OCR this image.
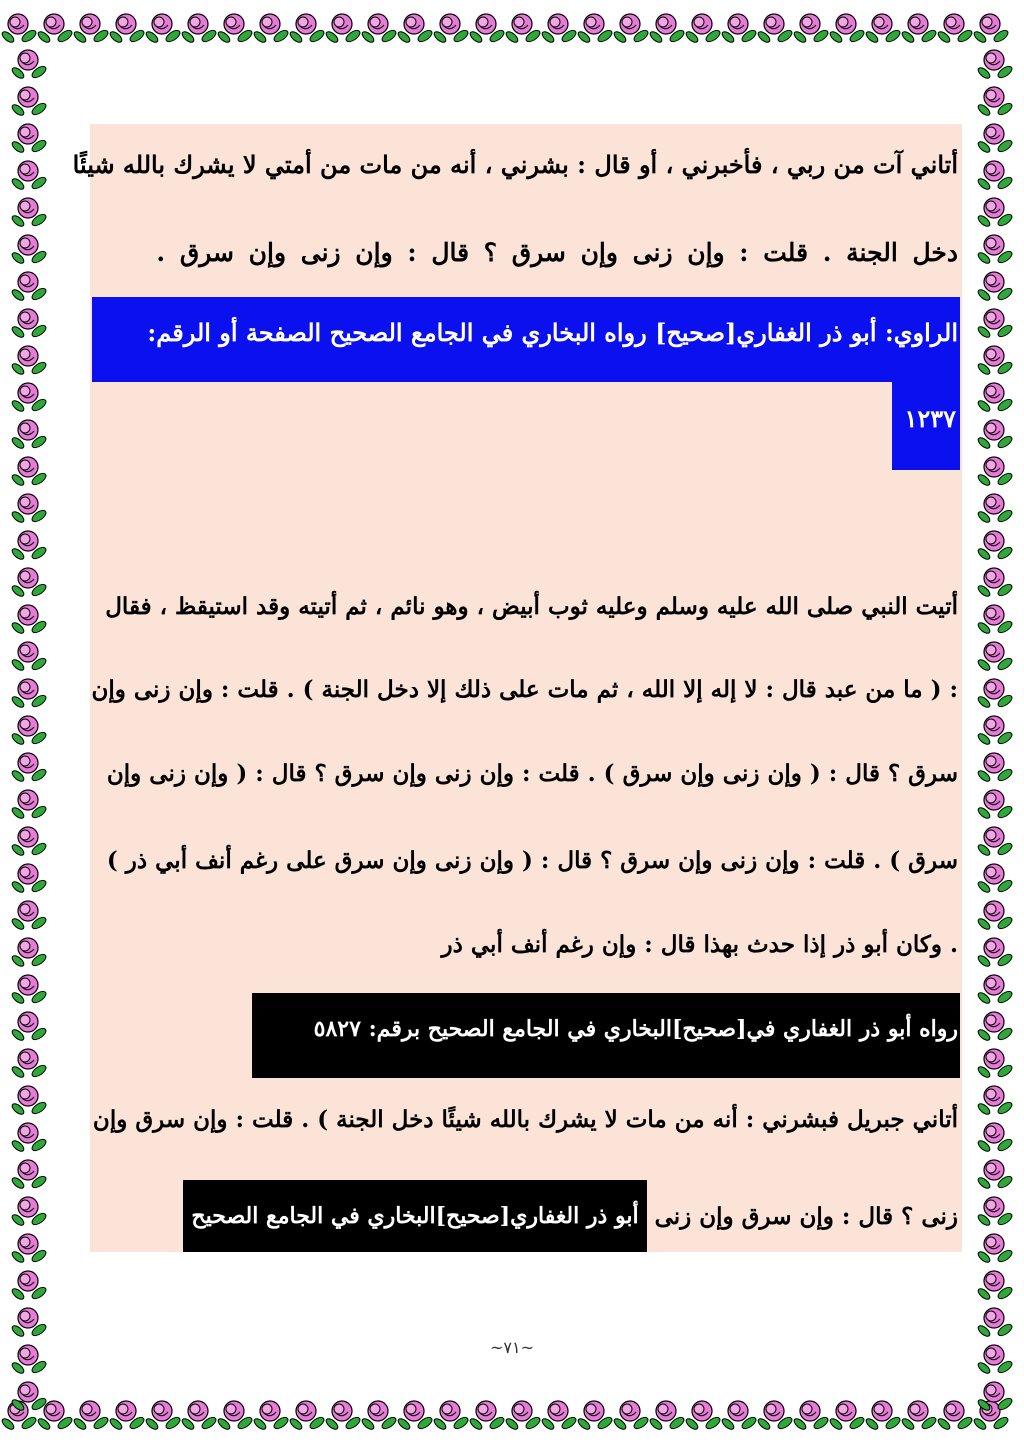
أتاني آت من ربي ، فأخبرني ، أو قال : بشرني ، أنه من مات من أمتي لا يشرك بالله شيئًا
دخل الجنة . قلت : وإن زنى وإن سرق ؟ قال : وإن زنى وإن سرق .
الراوي: أبو ذر الغفاري[صحيح] رواه البخاري في الجامع الصحيح الصفحة أو الرقم:
١٢٣٧
أتيت النبي صلى الله عليه وسلم وعليه ثوب أبيض ، وهو نائم ، ثم أتيته وقد استيقظ ، فقال
: ( ما من عبد قال : لا إله إلا الله ، ثم مات على ذلك إلا دخل الجنة ) . قلت : وإن زنى وإن
سرق ؟ قال : ( وإن زنى وإن سرق ) . قلت : وإن زنى وإن سرق ؟ قال : ( وإن زنى وإن
سرق ) . قلت : وإن زنى وإن سرق ؟ قال : ( وإن زنى وإن سرق على رغم أنف أبي ذر )
. وكان أبو ذر إذا حدث بهذا قال : وإن رغم أنف أبي ذر
رواه أبو ذر الغفاري في[صحيح]البخاري في الجامع الصحيح برقم: ٥٨٢٧
أتاني جبريل فبشرني : أنه من مات لا يشرك بالله شيئًا دخل الجنة ) . قلت : وإن سرق وإن
زنى ؟ قال : وإن سرق وإن زنى
أبو ذر الغفاري[صحيح]البخاري في الجامع الصحيح
~٧١~
